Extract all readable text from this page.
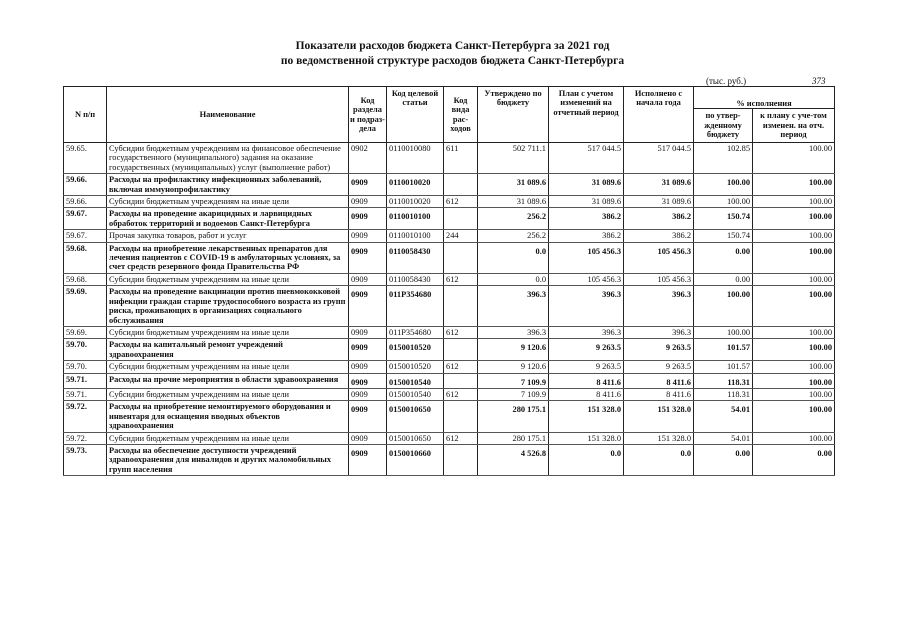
Показатели расходов бюджета Санкт-Петербурга за 2021 год
по ведомственной структуре расходов бюджета Санкт-Петербурга
(тыс. руб.)	373
N п/п	Наименование	Код раздела и подраз-дела	Код целевой статьи	Код вида рас-ходов	Утверждено по бюджету	План с учетом изменений на отчетный период	Исполнено с начала года	% исполнения	
								по утвер-жденному бюджету	к плану с уче-том изменен. на отч. период
59.65.	Субсидии бюджетным учреждениям на финансовое обеспечение государственного (муниципального) задания на оказание государственных (муниципальных) услуг (выполнение работ)	0902	0110010080	611	502 711.1	517 044.5	517 044.5	102.85	100.00
59.66.	Расходы на профилактику инфекционных заболеваний, включая иммунопрофилактику	0909	0110010020		31 089.6	31 089.6	31 089.6	100.00	100.00
59.66.	Субсидии бюджетным учреждениям на иные цели	0909	0110010020	612	31 089.6	31 089.6	31 089.6	100.00	100.00
59.67.	Расходы на проведение акарицидных и ларвицидных обработок территорий и водоемов Санкт-Петербурга	0909	0110010100		256.2	386.2	386.2	150.74	100.00
59.67.	Прочая закупка товаров, работ и услуг	0909	0110010100	244	256.2	386.2	386.2	150.74	100.00
59.68.	Расходы на приобретение лекарственных препаратов для лечения пациентов с COVID-19 в амбулаторных условиях, за счет средств резервного фонда Правительства РФ	0909	0110058430		0.0	105 456.3	105 456.3	0.00	100.00
59.68.	Субсидии бюджетным учреждениям на иные цели	0909	0110058430	612	0.0	105 456.3	105 456.3	0.00	100.00
59.69.	Расходы на проведение вакцинации против пневмококковой инфекции граждан старше трудоспособного возраста из групп риска, проживающих в организациях социального обслуживания	0909	011P354680		396.3	396.3	396.3	100.00	100.00
59.69.	Субсидии бюджетным учреждениям на иные цели	0909	011P354680	612	396.3	396.3	396.3	100.00	100.00
59.70.	Расходы на капитальный ремонт учреждений здравоохранения	0909	0150010520		9 120.6	9 263.5	9 263.5	101.57	100.00
59.70.	Субсидии бюджетным учреждениям на иные цели	0909	0150010520	612	9 120.6	9 263.5	9 263.5	101.57	100.00
59.71.	Расходы на прочие мероприятия в области здравоохранения	0909	0150010540		7 109.9	8 411.6	8 411.6	118.31	100.00
59.71.	Субсидии бюджетным учреждениям на иные цели	0909	0150010540	612	7 109.9	8 411.6	8 411.6	118.31	100.00
59.72.	Расходы на приобретение немонтируемого оборудования и инвентаря для оснащения вводных объектов здравоохранения	0909	0150010650		280 175.1	151 328.0	151 328.0	54.01	100.00
59.72.	Субсидии бюджетным учреждениям на иные цели	0909	0150010650	612	280 175.1	151 328.0	151 328.0	54.01	100.00
59.73.	Расходы на обеспечение доступности учреждений здравоохранения для инвалидов и других маломобильных групп населения	0909	0150010660		4 526.8	0.0	0.0	0.00	0.00
